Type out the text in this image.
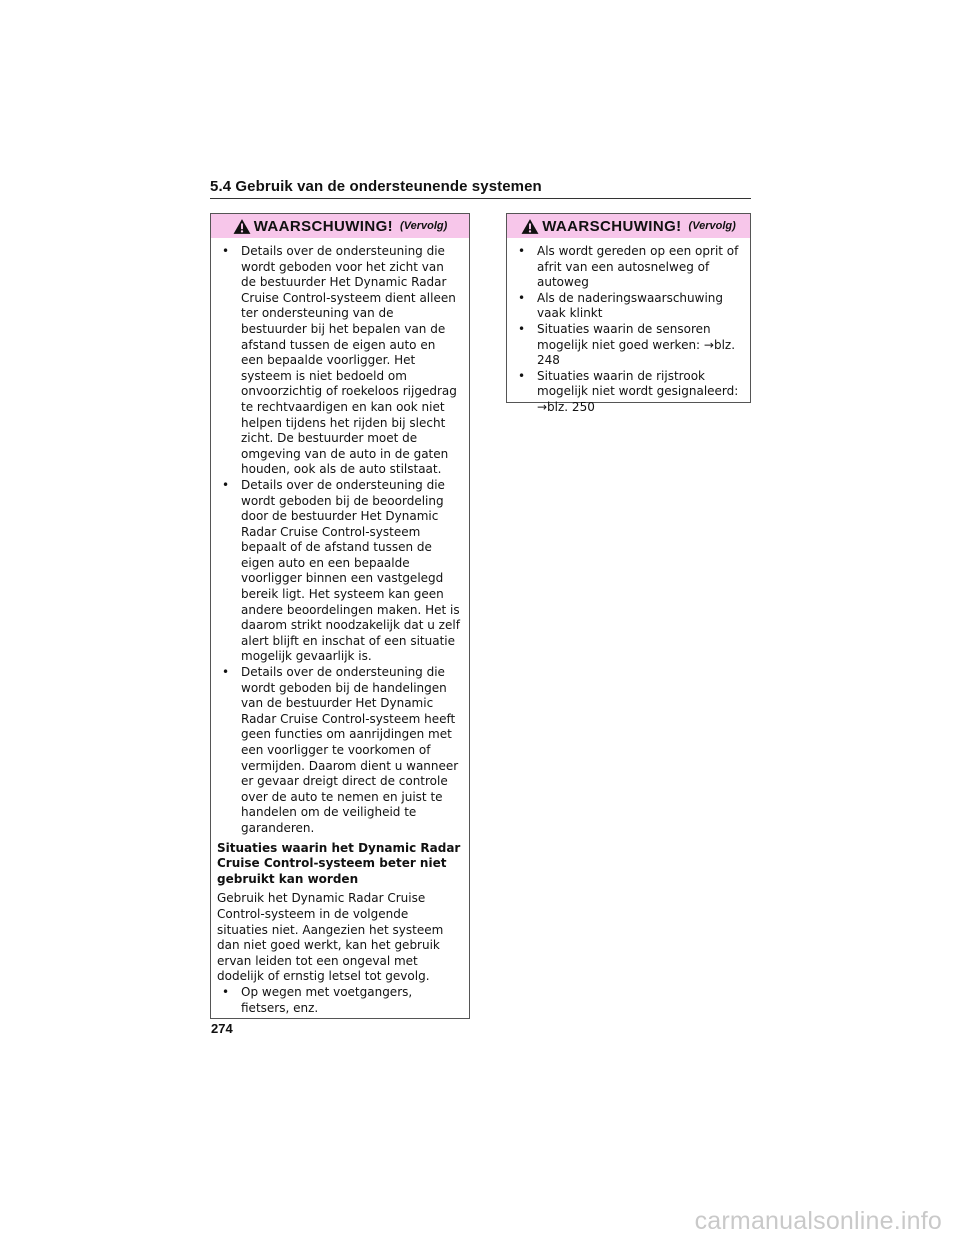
5.4 Gebruik van de ondersteunende systemen
WAARSCHUWING! (Vervolg)

• Details over de ondersteuning die wordt geboden voor het zicht van de bestuurder Het Dynamic Radar Cruise Control-systeem dient alleen ter ondersteuning van de bestuurder bij het bepalen van de afstand tussen de eigen auto en een bepaalde voorligger. Het systeem is niet bedoeld om onvoorzichtig of roekeloos rijgedrag te rechtvaardigen en kan ook niet helpen tijdens het rijden bij slecht zicht. De bestuurder moet de omgeving van de auto in de gaten houden, ook als de auto stilstaat.

• Details over de ondersteuning die wordt geboden bij de beoordeling door de bestuurder Het Dynamic Radar Cruise Control-systeem bepaalt of de afstand tussen de eigen auto en een bepaalde voorligger binnen een vastgelegd bereik ligt. Het systeem kan geen andere beoordelingen maken. Het is daarom strikt noodzakelijk dat u zelf alert blijft en inschat of een situatie mogelijk gevaarlijk is.

• Details over de ondersteuning die wordt geboden bij de handelingen van de bestuurder Het Dynamic Radar Cruise Control-systeem heeft geen functies om aanrijdingen met een voorligger te voorkomen of vermijden. Daarom dient u wanneer er gevaar dreigt direct de controle over de auto te nemen en juist te handelen om de veiligheid te garanderen.

Situaties waarin het Dynamic Radar Cruise Control-systeem beter niet gebruikt kan worden

Gebruik het Dynamic Radar Cruise Control-systeem in de volgende situaties niet. Aangezien het systeem dan niet goed werkt, kan het gebruik ervan leiden tot een ongeval met dodelijk of ernstig letsel tot gevolg.

• Op wegen met voetgangers, fietsers, enz.

WAARSCHUWING! (Vervolg)

• Als wordt gereden op een oprit of afrit van een autosnelweg of autoweg

• Als de naderingswaarschuwing vaak klinkt

• Situaties waarin de sensoren mogelijk niet goed werken: →blz. 248

• Situaties waarin de rijstrook mogelijk niet wordt gesignaleerd: →blz. 250

274
carmanualsonline.info
